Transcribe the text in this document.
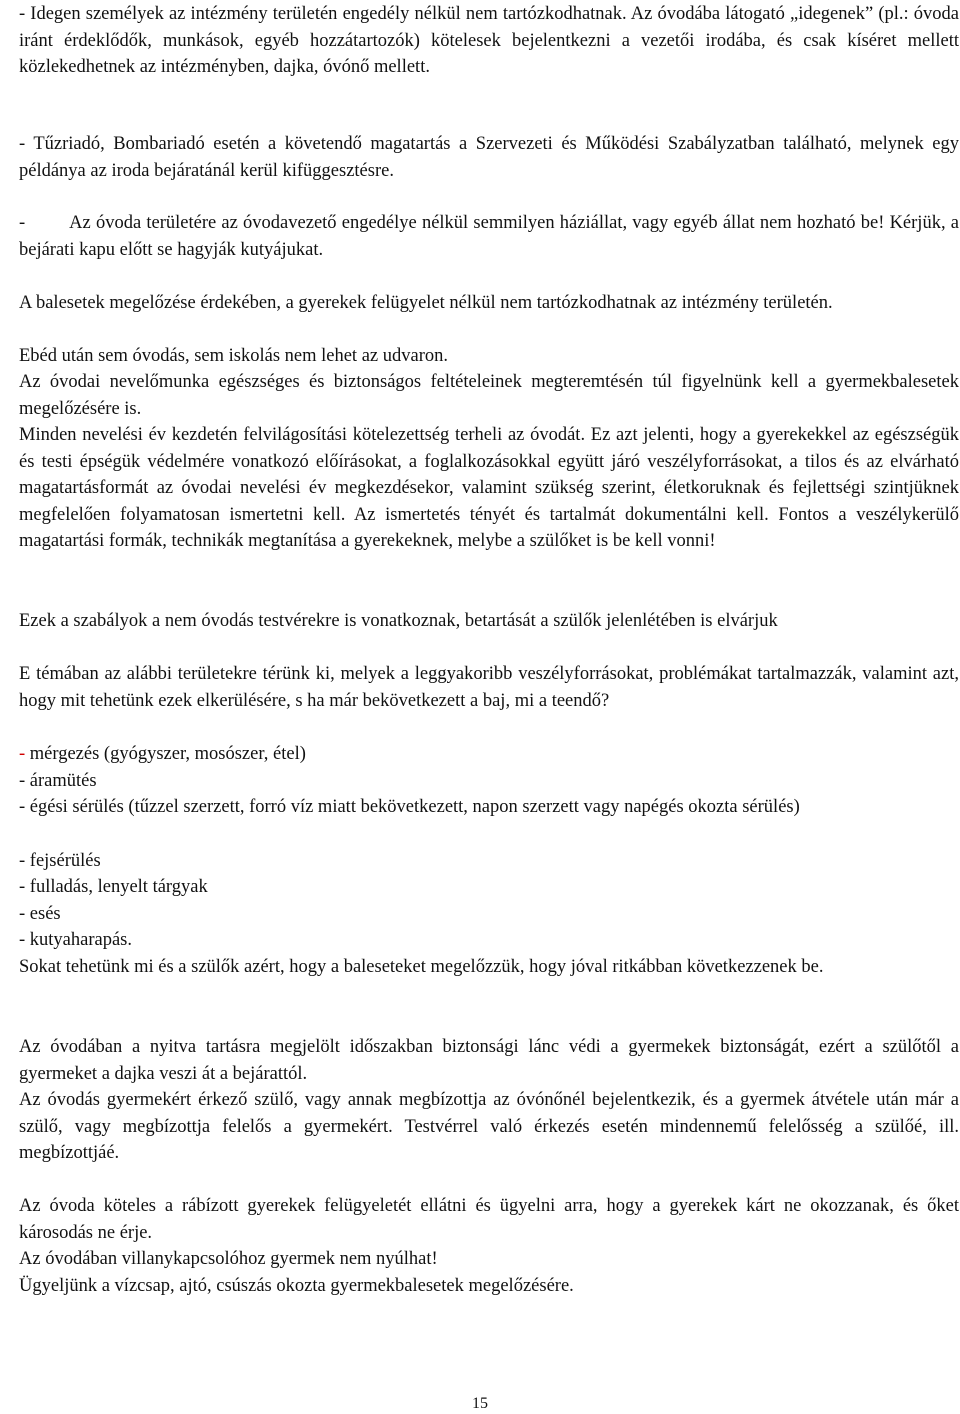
- Idegen személyek az intézmény területén engedély nélkül nem tartózkodhatnak. Az óvodába látogató „idegenek” (pl.: óvoda iránt érdeklődők, munkások, egyéb hozzátartozók) kötelesek bejelentkezni a vezetői irodába, és csak kíséret mellett közlekedhetnek az intézményben, dajka, óvónő mellett.

- Tűzriadó, Bombariadó esetén a követendő magatartás a Szervezeti és Működési Szabályzatban található, melynek egy példánya az iroda bejáratánál kerül kifüggesztésre.

- Az óvoda területére az óvodavezető engedélye nélkül semmilyen háziállat, vagy egyéb állat nem hozható be! Kérjük, a bejárati kapu előtt se hagyják kutyájukat.

A balesetek megelőzése érdekében, a gyerekek felügyelet nélkül nem tartózkodhatnak az intézmény területén.

Ebéd után sem óvodás, sem iskolás nem lehet az udvaron.

Az óvodai nevelőmunka egészséges és biztonságos feltételeinek megteremtésén túl figyelnünk kell a gyermekbalesetek megelőzésére is.

Minden nevelési év kezdetén felvilágosítási kötelezettség terheli az óvodát. Ez azt jelenti, hogy a gyerekekkel az egészségük és testi épségük védelmére vonatkozó előírásokat, a foglalkozásokkal együtt járó veszélyforrásokat, a tilos és az elvárható magatartásformát az óvodai nevelési év megkezdésekor, valamint szükség szerint, életkoruknak és fejlettségi szintjüknek megfelelően folyamatosan ismertetni kell. Az ismertetés tényét és tartalmát dokumentálni kell. Fontos a veszélykerülő magatartási formák, technikák megtanítása a gyerekeknek, melybe a szülőket is be kell vonni!

Ezek a szabályok a nem óvodás testvérekre is vonatkoznak, betartását a szülők jelenlétében is elvárjuk

E témában az alábbi területekre térünk ki, melyek a leggyakoribb veszélyforrásokat, problémákat tartalmazzák, valamint azt, hogy mit tehetünk ezek elkerülésére, s ha már bekövetkezett a baj, mi a teendő?

- mérgezés (gyógyszer, mosószer, étel)

- áramütés

- égési sérülés (tűzzel szerzett, forró víz miatt bekövetkezett, napon szerzett vagy napégés okozta sérülés)

- fejsérülés

- fulladás, lenyelt tárgyak

- esés

- kutyaharapás.

Sokat tehetünk mi és a szülők azért, hogy a baleseteket megelőzzük, hogy jóval ritkábban következzenek be.

Az óvodában a nyitva tartásra megjelölt időszakban biztonsági lánc védi a gyermekek biztonságát, ezért a szülőtől a gyermeket a dajka veszi át a bejárattól.

Az óvodás gyermekért érkező szülő, vagy annak megbízottja az óvónőnél bejelentkezik, és a gyermek átvétele után már a szülő, vagy megbízottja felelős a gyermekért. Testvérrel való érkezés esetén mindennemű felelősség a szülőé, ill. megbízottjáé.

Az óvoda köteles a rábízott gyerekek felügyeletét ellátni és ügyelni arra, hogy a gyerekek kárt ne okozzanak, és őket károsodás ne érje.

Az óvodában villanykapcsolóhoz gyermek nem nyúlhat!

Ügyeljünk a vízcsap, ajtó, csúszás okozta gyermekbalesetek megelőzésére.

15
